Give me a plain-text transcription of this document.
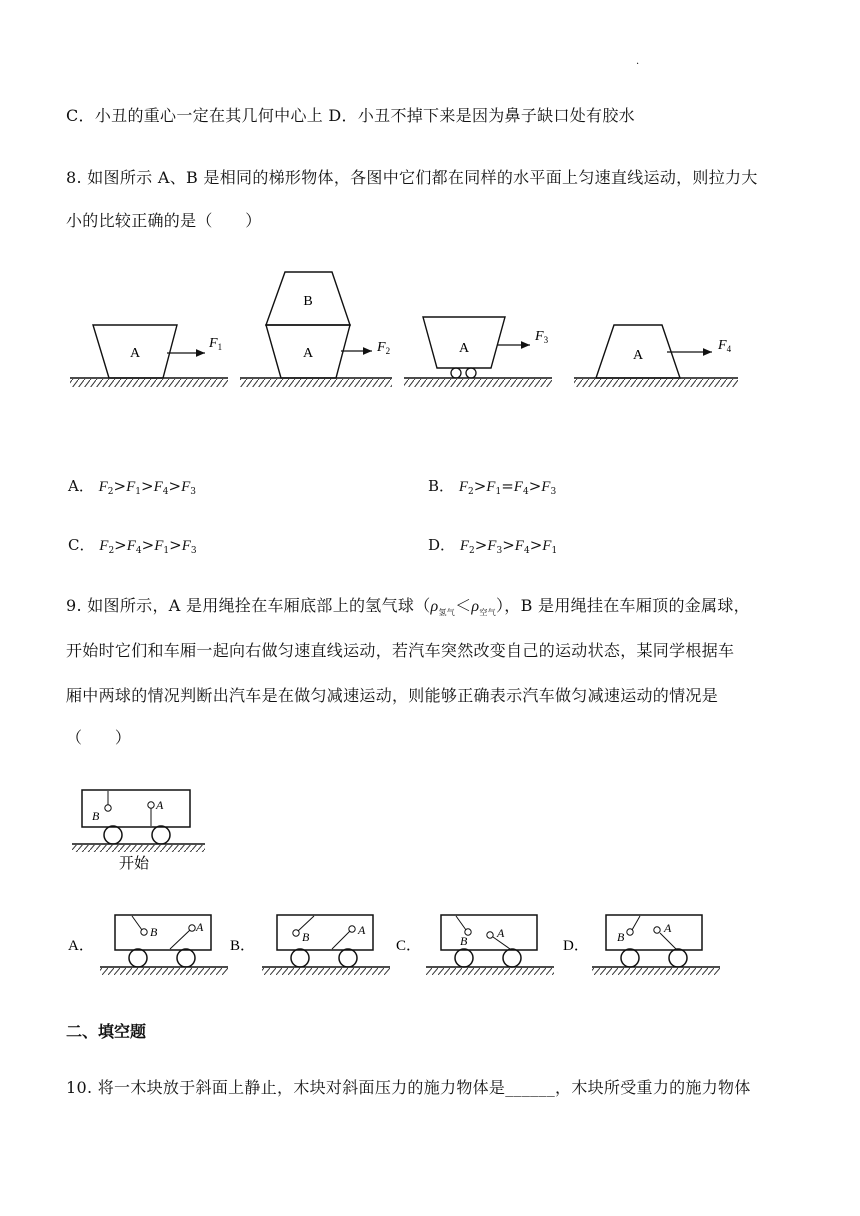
.
C．小丑的重心一定在其几何中心上 D．小丑不掉下来是因为鼻子缺口处有胶水
8. 如图所示 A、B 是相同的梯形物体，各图中它们都在同样的水平面上匀速直线运动，则拉力大
小的比较正确的是（　　）
A
$F_1$
B
A	$F_2$	A
$F_3$
A
$F_4$
A． $F_2>F_1>F_4>F_3$	B． $F_2>F_1=F_4>F_3$
C． $F_2>F_4>F_1>F_3$	D． $F_2>F_3>F_4>F_1$
9. 如图所示，A 是用绳拴在车厢底部上的氢气球$(\rho_{氢气}<\rho_{空气})$，B 是用绳挂在车厢顶的金属球，
开始时它们和车厢一起向右做匀速直线运动，若汽车突然改变自己的运动状态，某同学根据车
厢中两球的情况判断出汽车是在做匀减速运动，则能够正确表示汽车做匀减速运动的情况是
（　　）
B
A
开始
A．
B	A
B．
B	A
C．	B
A
D．
B
A
二、填空题
10. 将一木块放于斜面上静止，木块对斜面压力的施力物体是______，木块所受重力的施力物体
